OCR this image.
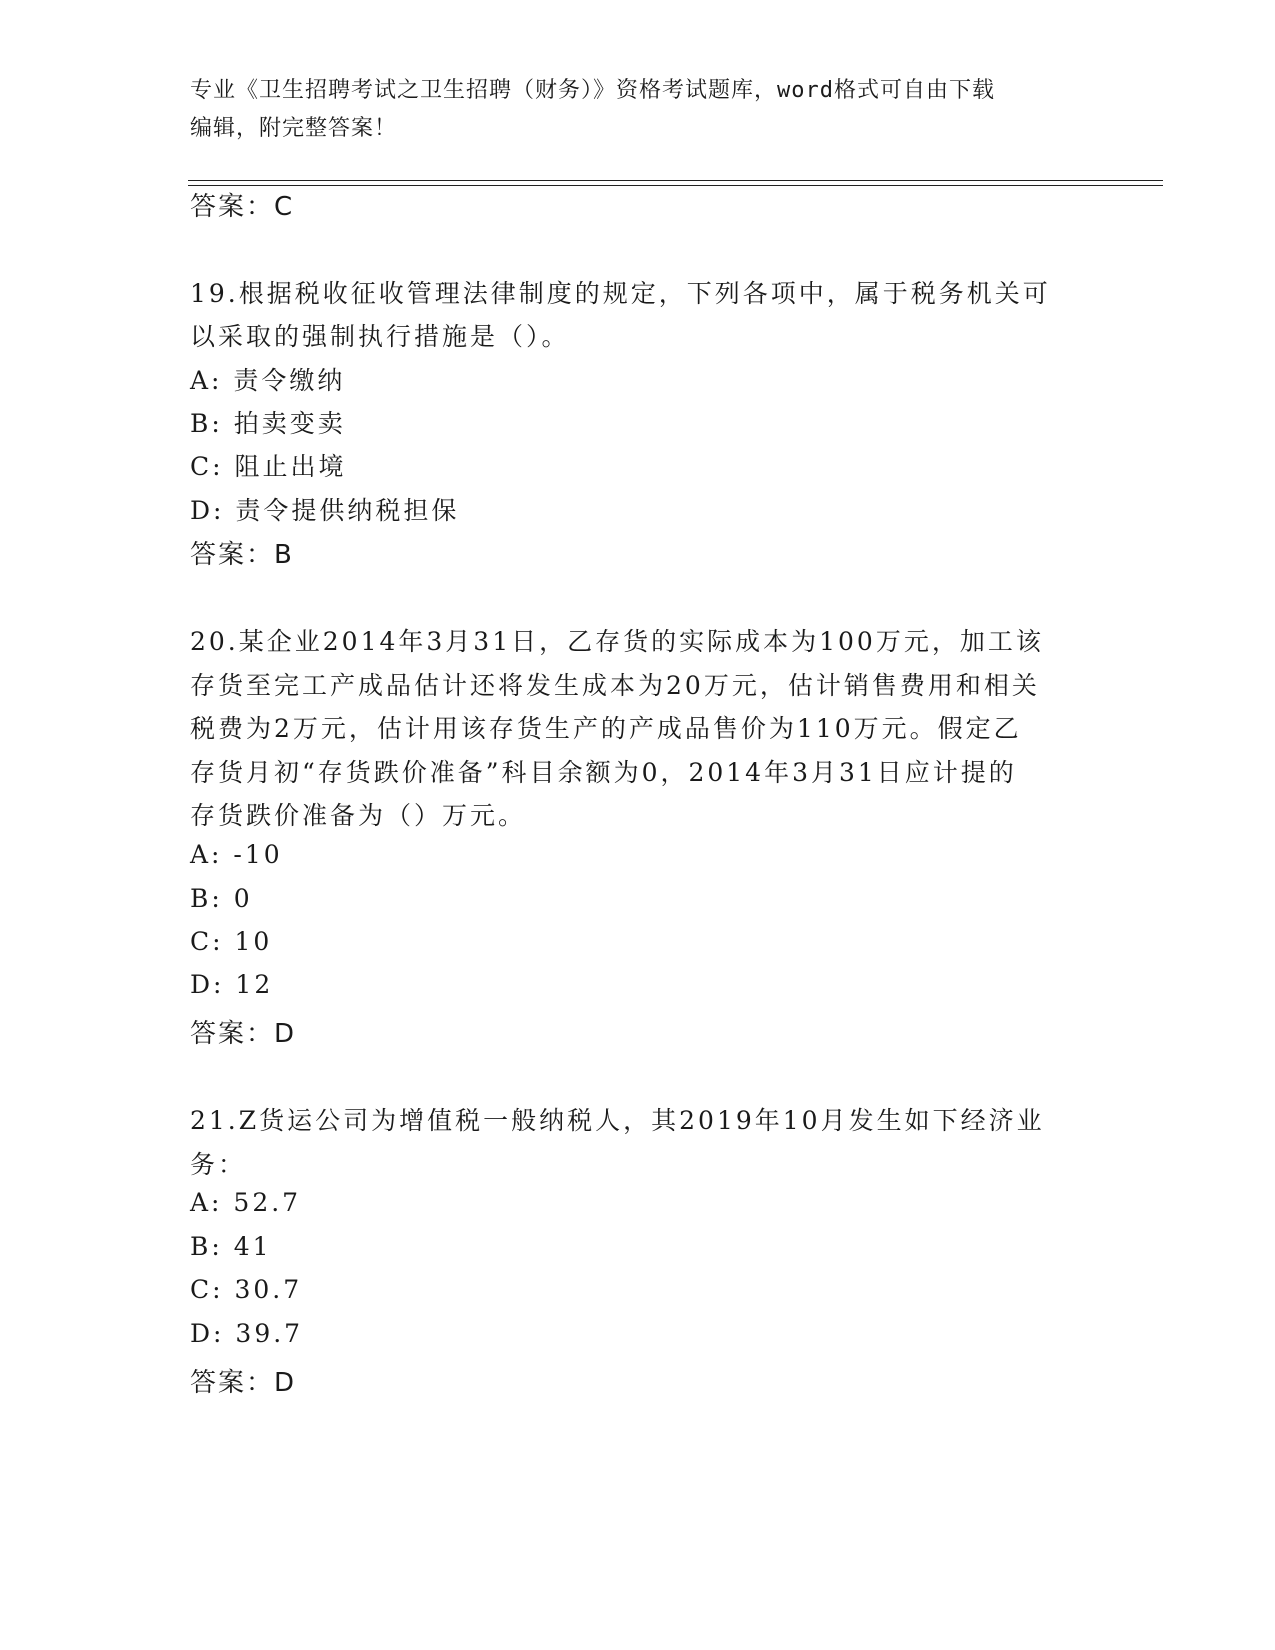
专业《卫生招聘考试之卫生招聘（财务）》资格考试题库，word格式可自由下载
编辑，附完整答案！
答案：C
19.根据税收征收管理法律制度的规定，下列各项中，属于税务机关可
以采取的强制执行措施是（）。
A: 责令缴纳
B: 拍卖变卖
C: 阻止出境
D: 责令提供纳税担保
答案：B
20.某企业2014年3月31日，乙存货的实际成本为100万元，加工该
存货至完工产成品估计还将发生成本为20万元，估计销售费用和相关
税费为2万元，估计用该存货生产的产成品售价为110万元。假定乙
存货月初“存货跌价准备”科目余额为0，2014年3月31日应计提的
存货跌价准备为（）万元。
A: -10
B: 0
C: 10
D: 12
答案：D
21.Z货运公司为增值税一般纳税人，其2019年10月发生如下经济业
务：
A: 52.7
B: 41
C: 30.7
D: 39.7
答案：D
